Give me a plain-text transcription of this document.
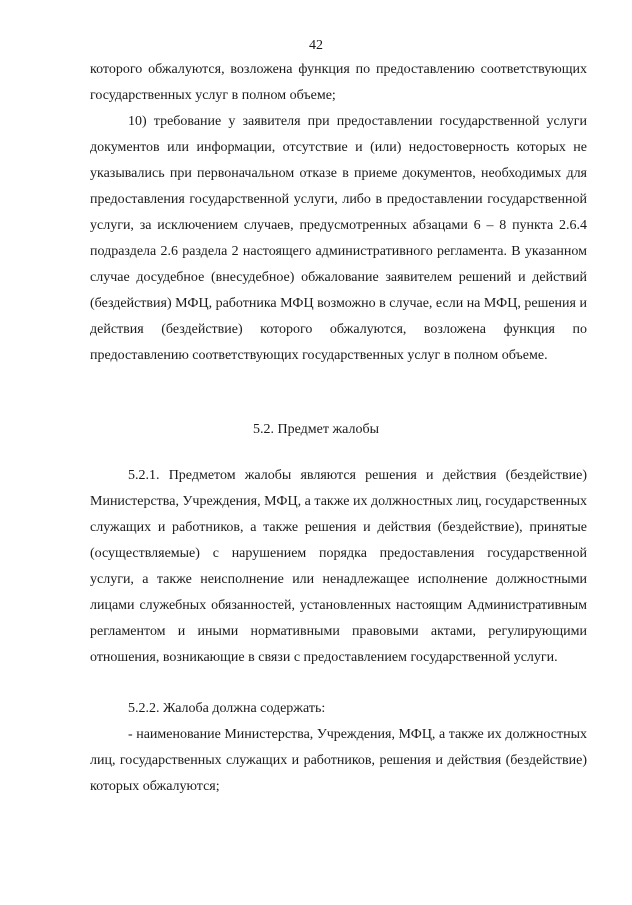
42

которого обжалуются, возложена функция по предоставлению соответствующих государственных услуг в полном объеме;

10) требование у заявителя при предоставлении государственной услуги документов или информации, отсутствие и (или) недостоверность которых не указывались при первоначальном отказе в приеме документов, необходимых для предоставления государственной услуги, либо в предоставлении государственной услуги, за исключением случаев, предусмотренных абзацами 6 – 8 пункта 2.6.4 подраздела 2.6 раздела 2 настоящего административного регламента. В указанном случае досудебное (внесудебное) обжалование заявителем решений и действий (бездействия) МФЦ, работника МФЦ возможно в случае, если на МФЦ, решения и действия (бездействие) которого обжалуются, возложена функция по предоставлению соответствующих государственных услуг в полном объеме.

5.2. Предмет жалобы

5.2.1. Предметом жалобы являются решения и действия (бездействие) Министерства, Учреждения, МФЦ, а также их должностных лиц, государственных служащих и работников, а также решения и действия (бездействие), принятые (осуществляемые) с нарушением порядка предоставления государственной услуги, а также неисполнение или ненадлежащее исполнение должностными лицами служебных обязанностей, установленных настоящим Административным регламентом и иными нормативными правовыми актами, регулирующими отношения, возникающие в связи с предоставлением государственной услуги.

5.2.2. Жалоба должна содержать:

- наименование Министерства, Учреждения, МФЦ, а также их должностных лиц, государственных служащих и работников, решения и действия (бездействие) которых обжалуются;
